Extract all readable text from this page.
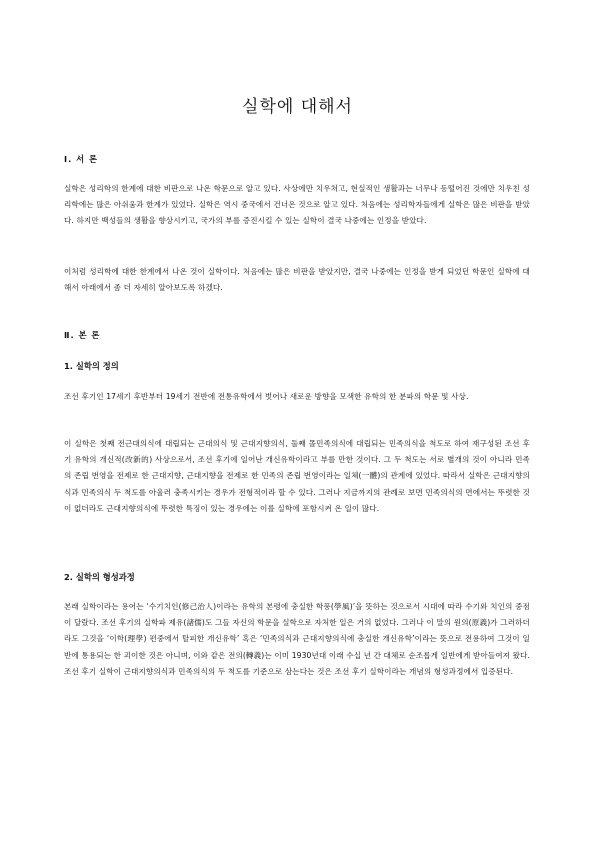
실학에 대해서
Ⅰ. 서 론

실학은 성리학의 한계에 대한 비판으로 나온 학문으로 알고 있다. 사상에만 치우쳐고, 현실적인 생활과는 너무나 동떨어진 것에만 치우친 성리학에는 많은 아쉬움과 한계가 있었다. 실학은 역시 중국에서 건너온 것으로 알고 있다. 처음에는 성리학자들에게 실학은 많은 비판을 받았다. 하지만 백성들의 생활을 향상시키고, 국가의 부를 증진시킬 수 있는 실학이 결국 나중에는 인정을 받았다.

이처럼 성리학에 대한 한계에서 나온 것이 실학이다. 처음에는 많은 비판을 받았지만, 결국 나중에는 인정을 받게 되었던 학문인 실학에 대해서 아래에서 좀 더 자세히 알아보도록 하겠다.

Ⅱ. 본 론
1. 실학의 정의

조선 후기인 17세기 후반부터 19세기 전반에 전통유학에서 벗어나 새로운 방향을 모색한 유학의 한 분파의 학문 및 사상.

이 실학은 첫째 전근대의식에 대립되는 근대의식 및 근대지향의식, 둘째 몰민족의식에 대립되는 민족의식을 척도로 하여 재구성된 조선 후기 유학의 개신적(改新的) 사상으로서, 조선 후기에 일어난 개신유학이라고 부를 만한 것이다. 그 두 척도는 서로 별개의 것이 아니라 민족의 존립 번영을 전제로 한 근대지향, 근대지향을 전제로 한 민족의 존립 번영이라는 일체(一體)의 관계에 있었다. 따라서 실학은 근대지향의식과 민족의식 두 척도를 아울러 충족시키는 경우가 전형적이라 할 수 있다. 그러나 지금까지의 관례로 보면 민족의식의 면에서는 뚜렷한 것이 없더라도 근대지향의식에 뚜렷한 특징이 있는 경우에는 이를 실학에 포함시켜 온 일이 많다.

2. 실학의 형성과정

본래 실학이라는 용어는 ‘수기치인(修己治人)이라는 유학의 본령에 충실한 학풍(學風)’을 뜻하는 것으로서 시대에 따라 수기와 치인의 중점이 달랐다. 조선 후기의 실학파 제유(諸儒)도 그들 자신의 학문을 실학으로 자처한 일은 거의 없었다. 그러나 이 말의 원의(原義)가 그러하더라도 그것을 ‘이학(理學) 편중에서 탈피한 개신유학’ 혹은 ‘민족의식과 근대지향의식에 충실한 개신유학’이라는 뜻으로 전용하여 그것이 일반에 통용되는 한 괴이한 것은 아니며, 이와 같은 전의(轉義)는 이미 1930년대 이래 수십 년 간 대체로 순조롭게 일반에게 받아들여져 왔다. 조선 후기 실학이 근대지향의식과 민족의식의 두 척도를 기준으로 삼는다는 것은 조선 후기 실학이라는 개념의 형성과정에서 입증된다.
